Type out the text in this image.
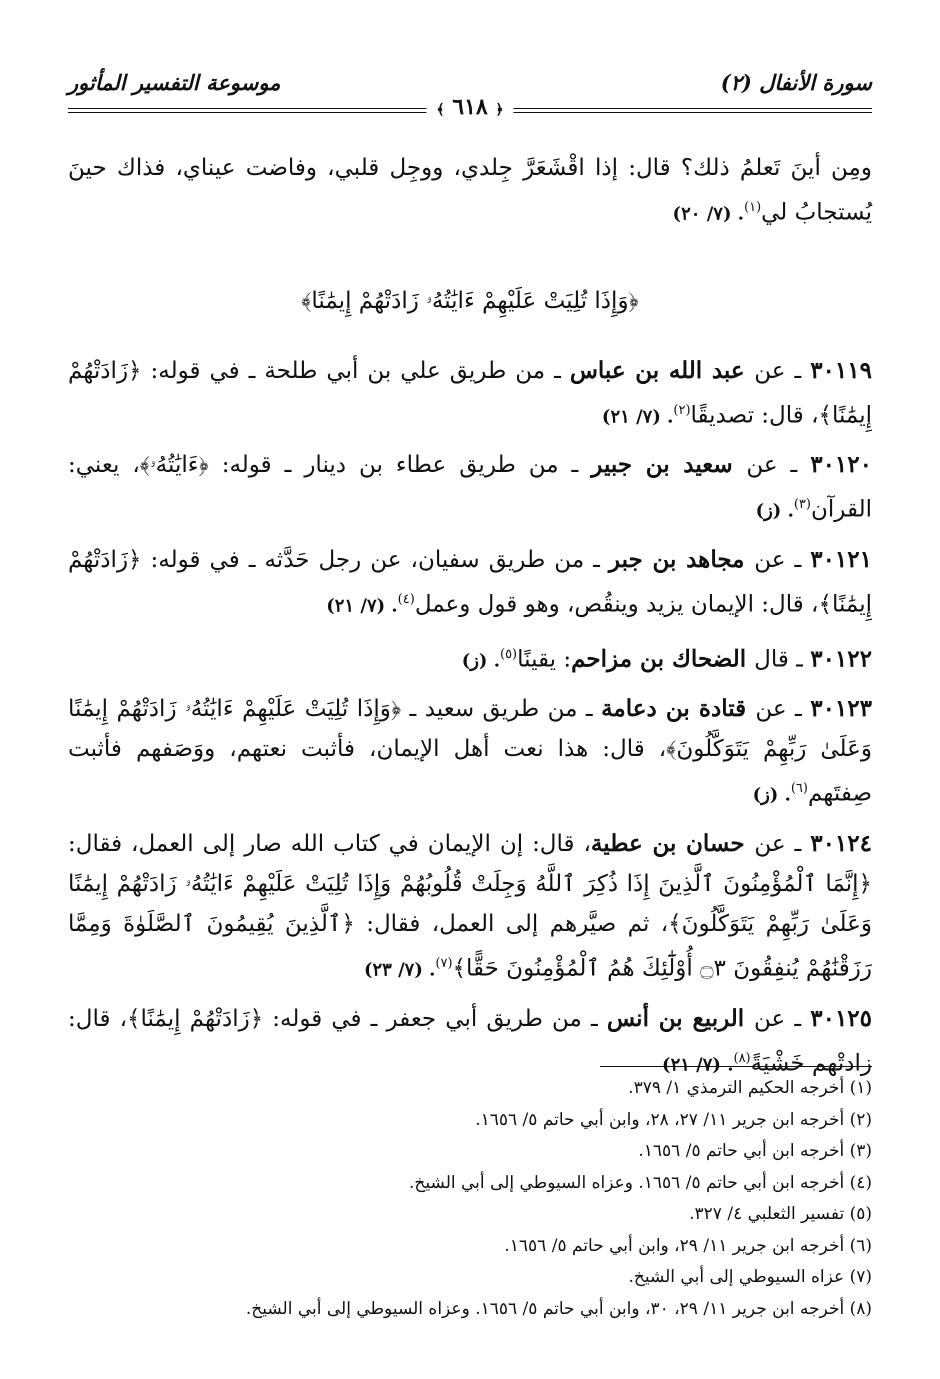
سورة الأنفال (٢)
موسوعة التفسير المأثور
﴿ ٦١٨ ﴾

ومِن أينَ تَعلمُ ذلك؟ قال: إذا اقْشَعَرَّ جِلدي، ووجِل قلبي، وفاضت عيناي، فذاك حينَ يُستجابُ لي$^{(١)}$. (٧/ ٢٠)

﴿وَإِذَا تُلِيَتْ عَلَيْهِمْ ءَايَٰتُهُۥ زَادَتْهُمْ إِيمَٰنًا﴾

٣٠١١٩ ـ عن عبد الله بن عباس ـ من طريق علي بن أبي طلحة ـ في قوله: ﴿زَادَتْهُمْ إِيمَٰنًا﴾، قال: تصديقًا$^{(٢)}$. (٧/ ٢١)

٣٠١٢٠ ـ عن سعيد بن جبير ـ من طريق عطاء بن دينار ـ قوله: ﴿ءَايَٰتُهُۥ﴾، يعني: القرآن$^{(٣)}$. (ز)

٣٠١٢١ ـ عن مجاهد بن جبر ـ من طريق سفيان، عن رجل حَدَّثه ـ في قوله: ﴿زَادَتْهُمْ إِيمَٰنًا﴾، قال: الإيمان يزيد وينقُص، وهو قول وعمل$^{(٤)}$. (٧/ ٢١)

٣٠١٢٢ ـ قال الضحاك بن مزاحم: يقينًا$^{(٥)}$. (ز)

٣٠١٢٣ ـ عن قتادة بن دعامة ـ من طريق سعيد ـ ﴿وَإِذَا تُلِيَتْ عَلَيْهِمْ ءَايَٰتُهُۥ زَادَتْهُمْ إِيمَٰنًا وَعَلَىٰ رَبِّهِمْ يَتَوَكَّلُونَ﴾، قال: هذا نعت أهل الإيمان، فأثبت نعتهم، ووَصَفهم فأثبت صِفتَهم$^{(٦)}$. (ز)

٣٠١٢٤ ـ عن حسان بن عطية، قال: إن الإيمان في كتاب الله صار إلى العمل، فقال: ﴿إِنَّمَا ٱلْمُؤْمِنُونَ ٱلَّذِينَ إِذَا ذُكِرَ ٱللَّهُ وَجِلَتْ قُلُوبُهُمْ وَإِذَا تُلِيَتْ عَلَيْهِمْ ءَايَٰتُهُۥ زَادَتْهُمْ إِيمَٰنًا وَعَلَىٰ رَبِّهِمْ يَتَوَكَّلُونَ﴾، ثم صيَّرهم إلى العمل، فقال: ﴿ٱلَّذِينَ يُقِيمُونَ ٱلصَّلَوٰةَ وَمِمَّا رَزَقْنَٰهُمْ يُنفِقُونَ ۝٣ أُوْلَٰٓئِكَ هُمُ ٱلْمُؤْمِنُونَ حَقًّا﴾$^{(٧)}$. (٧/ ٢٣)

٣٠١٢٥ ـ عن الربيع بن أنس ـ من طريق أبي جعفر ـ في قوله: ﴿زَادَتْهُمْ إِيمَٰنًا﴾، قال: زادتْهم خَشْيَةً$^{(٨)}$. (٧/ ٢١)

(١) أخرجه الحكيم الترمذي ١/ ٣٧٩.
(٢) أخرجه ابن جرير ١١/ ٢٧، ٢٨، وابن أبي حاتم ٥/ ١٦٥٦.
(٣) أخرجه ابن أبي حاتم ٥/ ١٦٥٦.
(٤) أخرجه ابن أبي حاتم ٥/ ١٦٥٦. وعزاه السيوطي إلى أبي الشيخ.
(٥) تفسير الثعلبي ٤/ ٣٢٧.
(٦) أخرجه ابن جرير ١١/ ٢٩، وابن أبي حاتم ٥/ ١٦٥٦.
(٧) عزاه السيوطي إلى أبي الشيخ.
(٨) أخرجه ابن جرير ١١/ ٢٩، ٣٠، وابن أبي حاتم ٥/ ١٦٥٦. وعزاه السيوطي إلى أبي الشيخ.
